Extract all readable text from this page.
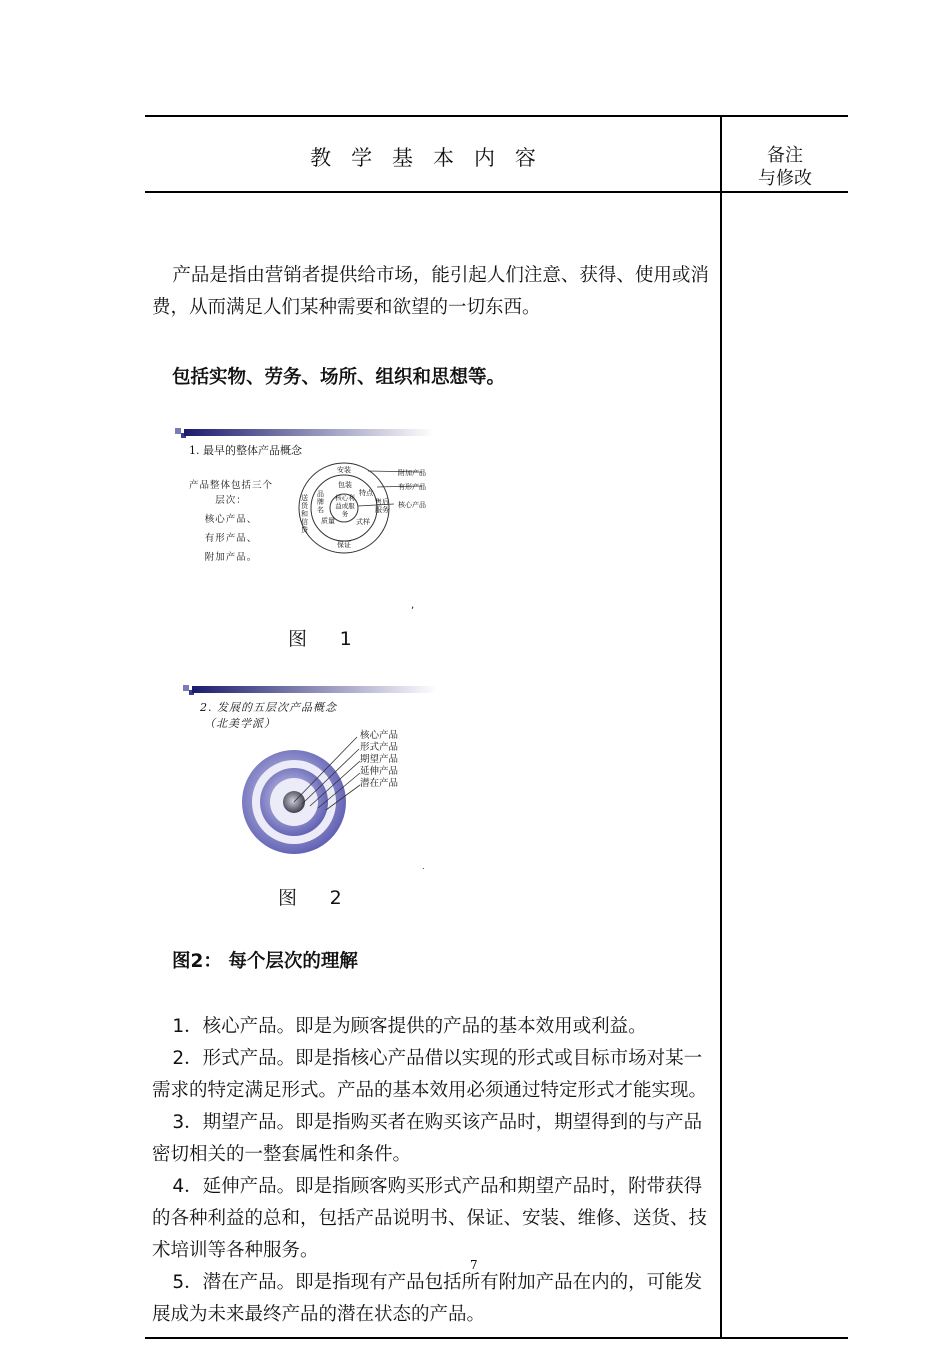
教学基本内容	备注
与修改
产品是指由营销者提供给市场，能引起人们注意、获得、使用或消费，从而满足人们某种需要和欲望的一切东西。
包括实物、劳务、场所、组织和思想等。
1. 最早的整体产品概念
产品整体包括三个
层次：
核心产品、
有形产品、
附加产品。
安装
包装
品牌名
核心利益或服务
特点
质量	式样
送货和信贷
售后服务
保证
附加产品
有形产品
核心产品
,
图 1
2. 发展的五层次产品概念
（北美学派）
核心产品
形式产品
期望产品
延伸产品
潜在产品
.
图 2
图2： 每个层次的理解
1．核心产品。即是为顾客提供的产品的基本效用或利益。
2．形式产品。即是指核心产品借以实现的形式或目标市场对某一需求的特定满足形式。产品的基本效用必须通过特定形式才能实现。
3．期望产品。即是指购买者在购买该产品时，期望得到的与产品密切相关的一整套属性和条件。
4．延伸产品。即是指顾客购买形式产品和期望产品时，附带获得的各种利益的总和，包括产品说明书、保证、安装、维修、送货、技术培训等各种服务。
5．潜在产品。即是指现有产品包括所有附加产品在内的，可能发展成为未来最终产品的潜在状态的产品。
7
